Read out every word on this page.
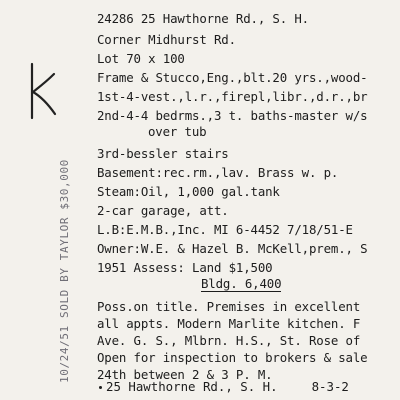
24286 25 Hawthorne Rd., S. H.
Corner Midhurst Rd.
Lot 70 x 100
Frame & Stucco,Eng.,blt.20 yrs.,wood-
1st-4-vest.,l.r.,firepl,libr.,d.r.,br
2nd-4-4 bedrms.,3 t. baths-master w/s
over tub
3rd-bessler stairs
Basement:rec.rm.,lav. Brass w. p.
Steam:Oil, 1,000 gal.tank
2-car garage, att.
L.B:E.M.B.,Inc. MI 6-4452 7/18/51-E
Owner:W.E. & Hazel B. McKell,prem., S
1951 Assess: Land $1,500
Bldg. 6,400
Poss.on title. Premises in excellent
all appts. Modern Marlite kitchen. F
Ave. G. S., Mlbrn. H.S., St. Rose of
Open for inspection to brokers & sale
24th between 2 & 3 P. M.
10/24/51 SOLD BY TAYLOR $30,000
25 Hawthorne Rd., S. H.	8-3-2
